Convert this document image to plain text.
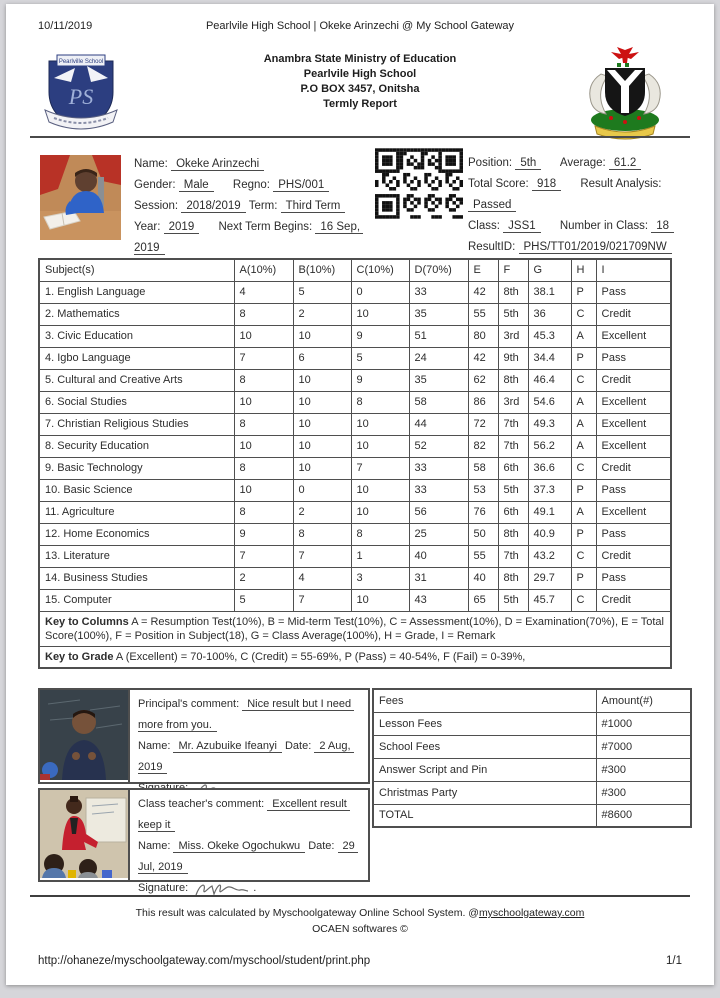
10/11/2019	Pearlvile High School | Okeke Arinzechi @ My School Gateway
Pearlville School
PS
Anambra State Ministry of Education
Pearlvile High School
P.O BOX 3457, Onitsha
Termly Report
Name: Okeke Arinzechi
Gender: Male Regno: PHS/001
Session: 2018/2019 Term: Third Term
Year: 2019 Next Term Begins: 16 Sep, 2019
Position: 5th Average: 61.2
Total Score: 918 Result Analysis: Passed
Class: JSS1 Number in Class: 18
ResultID: PHS/TT01/2019/021709NW
Subject(s)	A(10%)	B(10%)	C(10%)	D(70%)	E	F	G	H	I
1. English Language	4	5	0	33	42	8th	38.1	P	Pass
2. Mathematics	8	2	10	35	55	5th	36	C	Credit
3. Civic Education	10	10	9	51	80	3rd	45.3	A	Excellent
4. Igbo Language	7	6	5	24	42	9th	34.4	P	Pass
5. Cultural and Creative Arts	8	10	9	35	62	8th	46.4	C	Credit
6. Social Studies	10	10	8	58	86	3rd	54.6	A	Excellent
7. Christian Religious Studies	8	10	10	44	72	7th	49.3	A	Excellent
8. Security Education	10	10	10	52	82	7th	56.2	A	Excellent
9. Basic Technology	8	10	7	33	58	6th	36.6	C	Credit
10. Basic Science	10	0	10	33	53	5th	37.3	P	Pass
11. Agriculture	8	2	10	56	76	6th	49.1	A	Excellent
12. Home Economics	9	8	8	25	50	8th	40.9	P	Pass
13. Literature	7	7	1	40	55	7th	43.2	C	Credit
14. Business Studies	2	4	3	31	40	8th	29.7	P	Pass
15. Computer	5	7	10	43	65	5th	45.7	C	Credit
Key to Columns A = Resumption Test(10%), B = Mid-term Test(10%), C = Assessment(10%), D = Examination(70%), E = Total Score(100%), F = Position in Subject(18), G = Class Average(100%), H = Grade, I = Remark									
Key to Grade A (Excellent) = 70-100%, C (Credit) = 55-69%, P (Pass) = 40-54%, F (Fail) = 0-39%,									
Principal's comment: Nice result but I need more from you.
Name: Mr. Azubuike Ifeanyi Date: 2 Aug, 2019
Fees	Amount(#)
Lesson Fees	#1000
School Fees	#7000
Answer Script and Pin	#300
Christmas Party	#300
TOTAL	#8600
Class teacher's comment: Excellent result keep it
Name: Miss. Okeke Ogochukwu Date: 29 Jul, 2019
Signature:	.
This result was calculated by Myschoolgateway Online School System. @myschoolgateway.com
OCAEN softwares ©
http://ohaneze/myschoolgateway.com/myschool/student/print.php	1/1
